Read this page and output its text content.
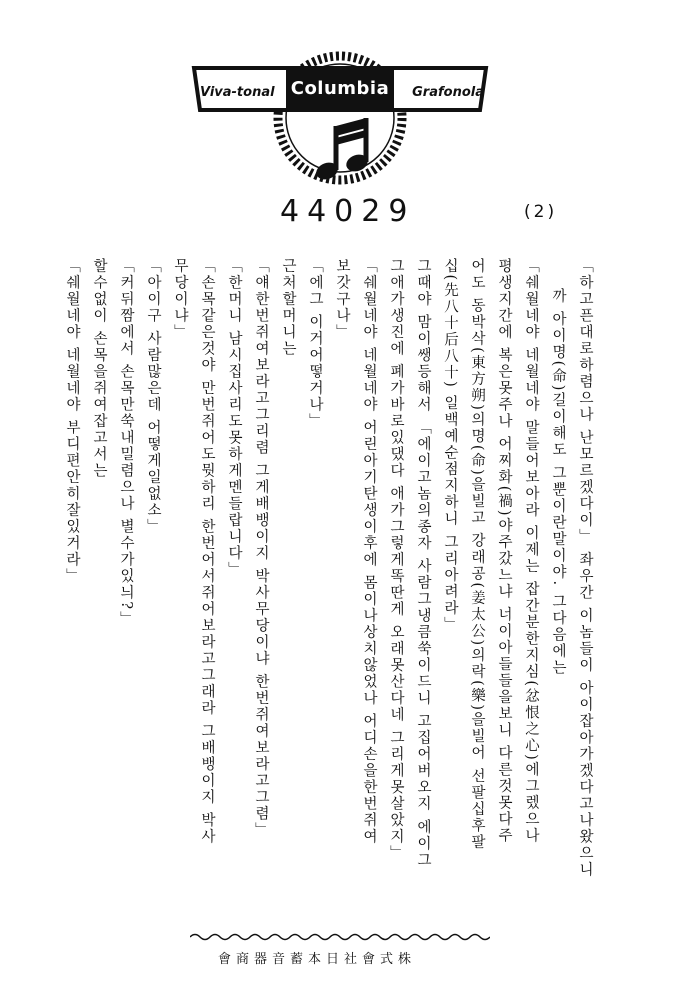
Viva-tonal Columbia Grafonola
44029	(2)
「하고픈대로하렴으나 난모르겠다이」 좌우간 이놈들이 아이잡아가겠다고나왔으니
까 아이명(命)길이해도 그뿐이란말이야. 그다음에는
「쉐월네야 네월네야 말들어보아라 이제는 잡간분한지심(忿恨之心)에그렜으나
평생지간에 복은못주나 어찌화(禍)야주갔느냐 너이아들들을보니 다른것못다주
어도 동박삭(東方朔)의명(命)을빌고 강래공(姜太公)의락(樂)을빌어 선팔십후팔
십(先八十后八十) 일백예순점지하니 그리아려라」
그때야 맘이쌩등해서 「에이고놈의종자 사람그냉큼쑥이드니 고집어버오지 에이그
그애가생진에 폐가바로있댔다 애가그렇게똑딴게 오래못산다네 그리게못살았지」
「쉐월네야 네월네야 어린아기탄생이후에 몸이나상치않었나 어디손을한번쥐여
보갓구나」
「에그 이거어떻거나」
근처할머니는
「얘한번쥐여보라고그리렴 그게배뱅이지 박사무당이냐 한번쥐여보라고그렴」
「한머니 남시집사리도못하게멘들랍니다」
「손목같은것야 만번쥐어도뭣하리 한번어서쥐어보라고그래라 그배뱅이지 박사
무당이냐」
「아이구 사람많은데 어떻게일없소」
「커뒤짬에서 손목만쑥내밀렴으나 별수가있늬?」
할수없이 손목을쥐여잡고서는
「쉐월네야 네월네야 부디편안히잘있거라」
會商器音蓄本日社會式株
